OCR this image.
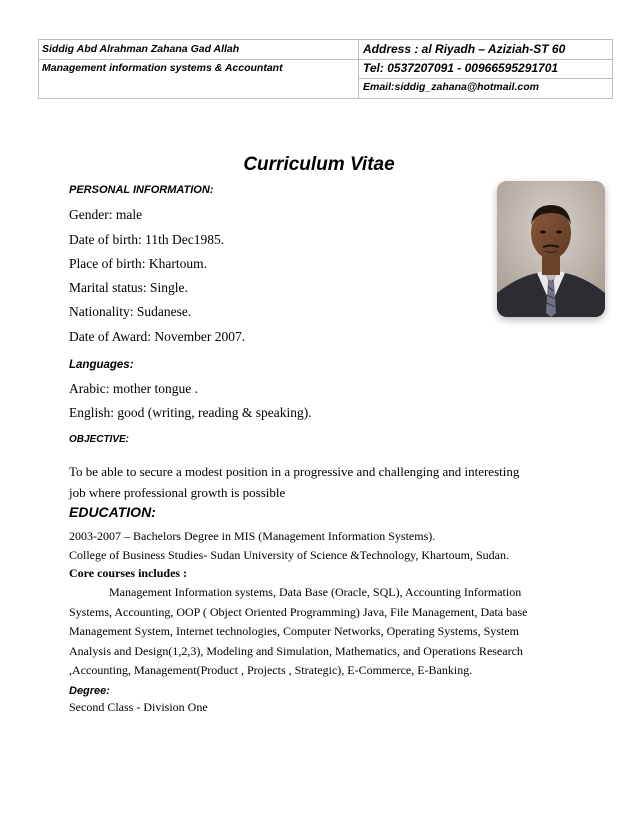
Siddig Abd Alrahman Zahana Gad Allah
Management information systems & Accountant
Address : al Riyadh – Aziziah-ST 60
Tel: 0537207091 - 00966595291701
Email:siddig_zahana@hotmail.com
Curriculum Vitae
PERSONAL INFORMATION:
Gender: male
Date of birth: 11th Dec1985.
Place of birth: Khartoum.
Marital status: Single.
Nationality: Sudanese.
Date of Award: November 2007.
Languages:
Arabic: mother tongue .
English: good (writing, reading & speaking).
OBJECTIVE:
To be able to secure a modest position in a progressive and challenging and interesting
job where professional growth is possible
EDUCATION:
2003-2007 – Bachelors Degree in MIS (Management Information Systems).
College of Business Studies- Sudan University of Science &Technology, Khartoum, Sudan.
Core courses includes :
Management Information systems, Data Base (Oracle, SQL), Accounting Information
Systems, Accounting, OOP ( Object Oriented Programming) Java, File Management, Data base
Management System, Internet technologies, Computer Networks, Operating Systems, System
Analysis and Design(1,2,3), Modeling and Simulation, Mathematics, and Operations Research
,Accounting, Management(Product , Projects , Strategic), E-Commerce, E-Banking.
Degree:
Second Class - Division One
